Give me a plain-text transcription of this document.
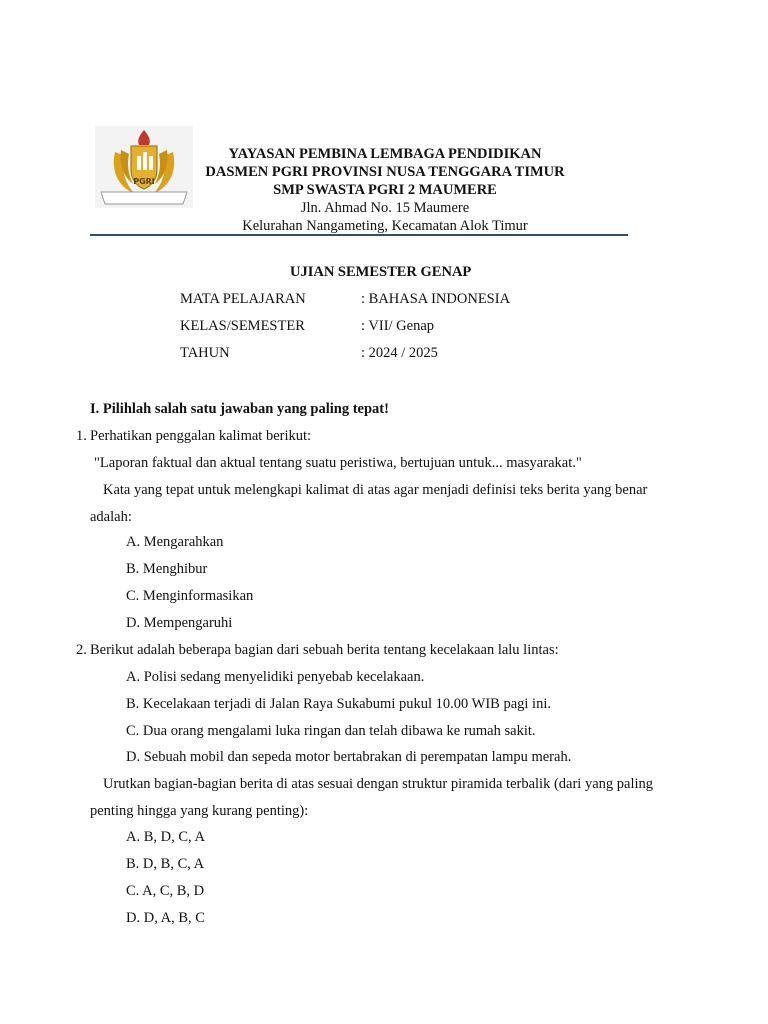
PGRI
YAYASAN PEMBINA LEMBAGA PENDIDIKAN
DASMEN PGRI PROVINSI NUSA TENGGARA TIMUR
SMP SWASTA PGRI 2 MAUMERE
Jln. Ahmad No. 15 Maumere
Kelurahan Nangameting, Kecamatan Alok Timur
UJIAN SEMESTER GENAP
MATA PELAJARAN	: BAHASA INDONESIA
KELAS/SEMESTER	: VII/ Genap
TAHUN	: 2024 / 2025
I. Pilihlah salah satu jawaban yang paling tepat!
1. Perhatikan penggalan kalimat berikut:
"Laporan faktual dan aktual tentang suatu peristiwa, bertujuan untuk... masyarakat."
Kata yang tepat untuk melengkapi kalimat di atas agar menjadi definisi teks berita yang benar
adalah:
A. Mengarahkan
B. Menghibur
C. Menginformasikan
D. Mempengaruhi
2. Berikut adalah beberapa bagian dari sebuah berita tentang kecelakaan lalu lintas:
A. Polisi sedang menyelidiki penyebab kecelakaan.
B. Kecelakaan terjadi di Jalan Raya Sukabumi pukul 10.00 WIB pagi ini.
C. Dua orang mengalami luka ringan dan telah dibawa ke rumah sakit.
D. Sebuah mobil dan sepeda motor bertabrakan di perempatan lampu merah.
Urutkan bagian-bagian berita di atas sesuai dengan struktur piramida terbalik (dari yang paling
penting hingga yang kurang penting):
A. B, D, C, A
B. D, B, C, A
C. A, C, B, D
D. D, A, B, C
